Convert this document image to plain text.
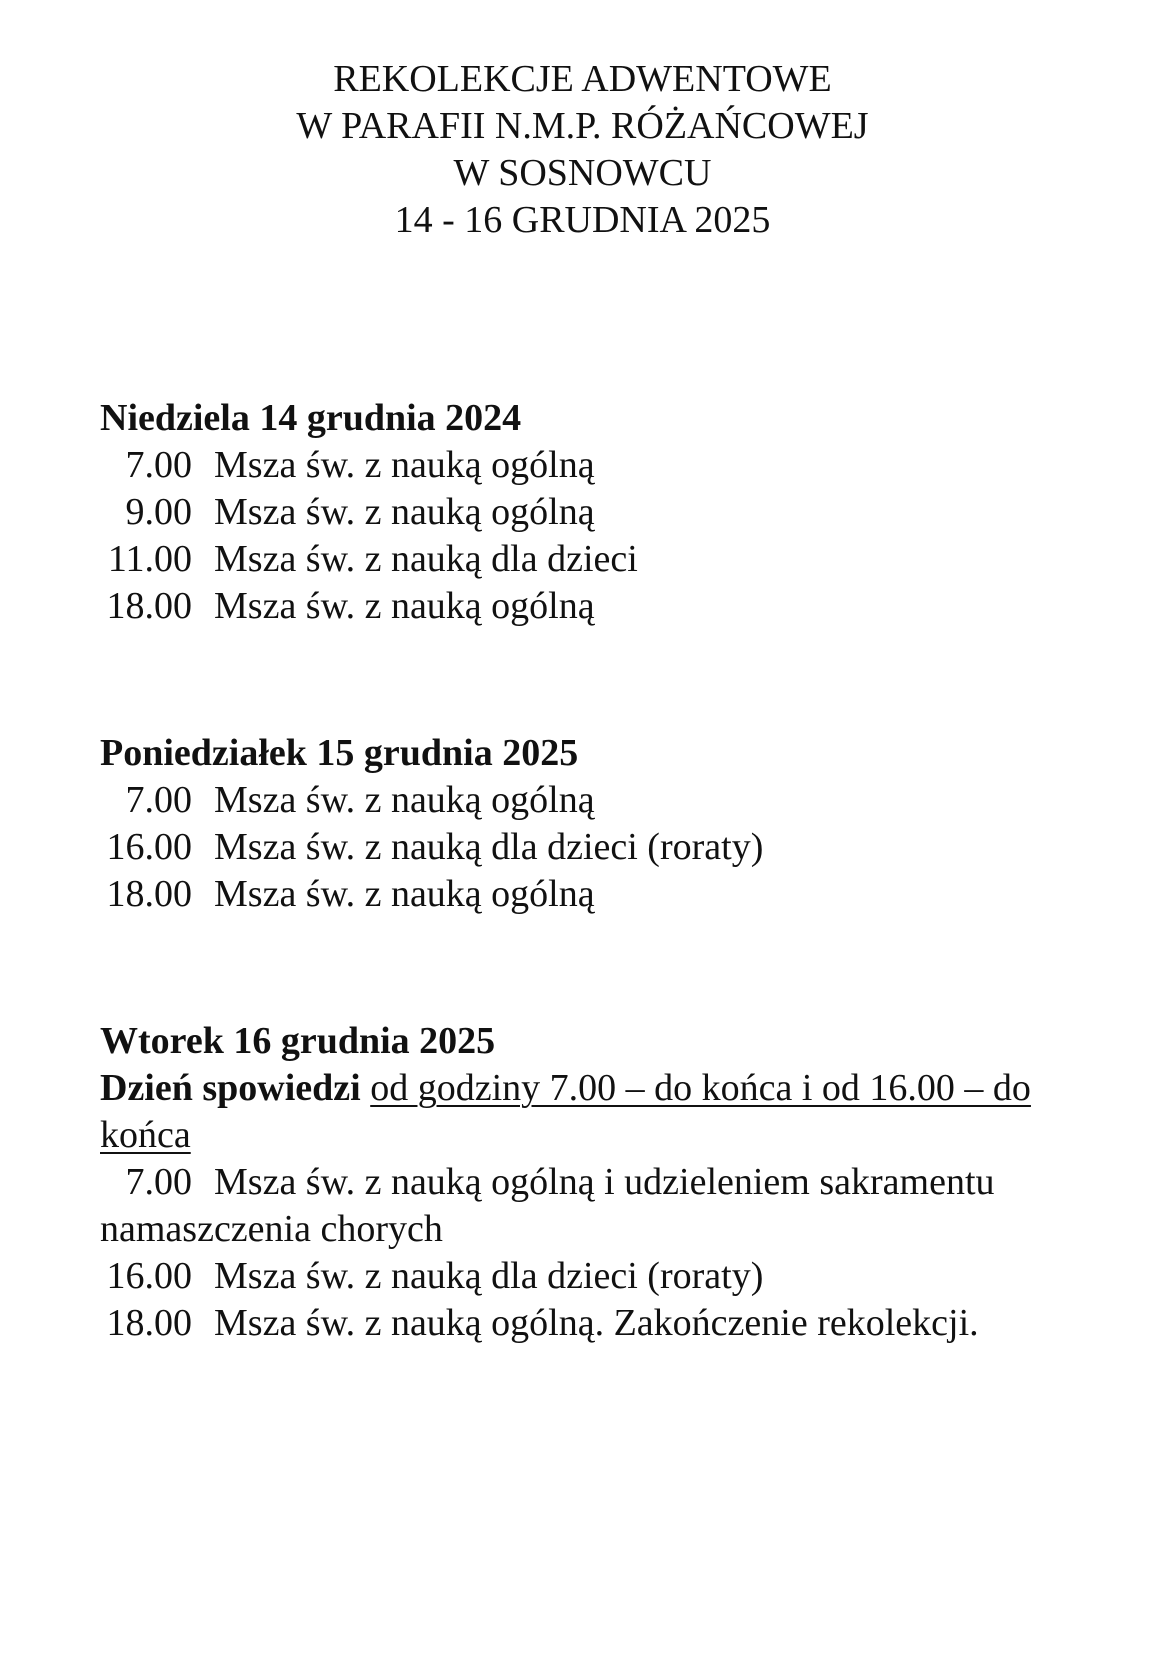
REKOLEKCJE ADWENTOWE
W PARAFII N.M.P. RÓŻAŃCOWEJ
W SOSNOWCU
14 - 16 GRUDNIA 2025
Niedziela 14 grudnia 2024
7.00 Msza św. z nauką ogólną
9.00 Msza św. z nauką ogólną
11.00 Msza św. z nauką dla dzieci
18.00 Msza św. z nauką ogólną
Poniedziałek 15 grudnia 2025
7.00 Msza św. z nauką ogólną
16.00 Msza św. z nauką dla dzieci (roraty)
18.00 Msza św. z nauką ogólną
Wtorek 16 grudnia 2025
Dzień spowiedzi od godziny 7.00 – do końca i od 16.00 – do końca
7.00 Msza św. z nauką ogólną i udzieleniem sakramentu namaszczenia chorych
16.00 Msza św. z nauką dla dzieci (roraty)
18.00 Msza św. z nauką ogólną. Zakończenie rekolekcji.
